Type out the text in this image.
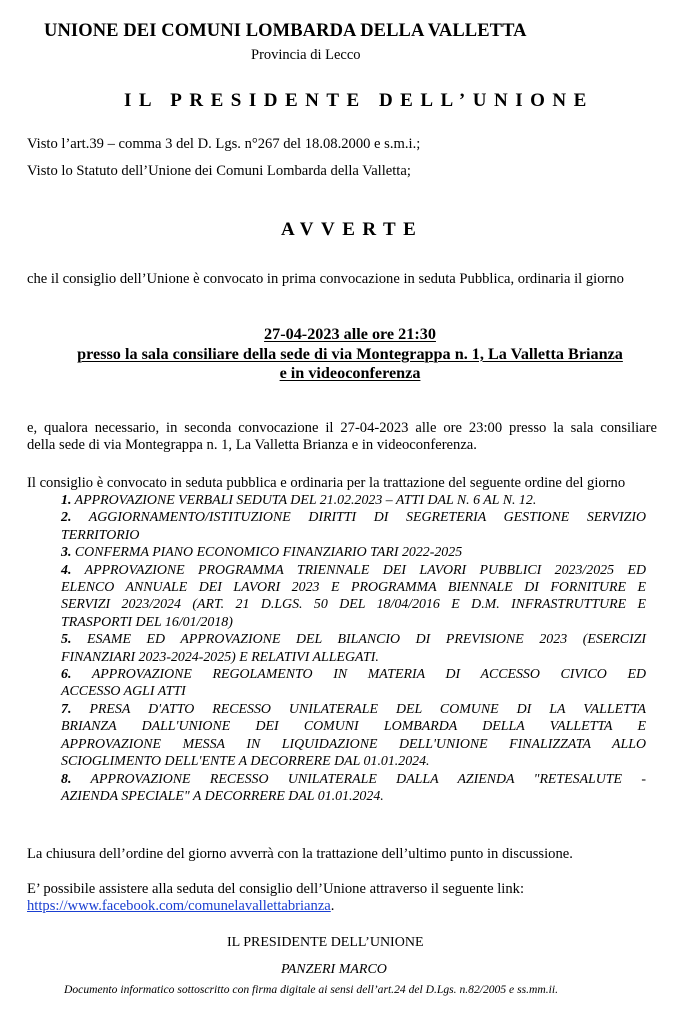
UNIONE DEI COMUNI LOMBARDA DELLA VALLETTA
Provincia di Lecco
IL PRESIDENTE DELL’UNIONE
Visto l’art.39 – comma 3 del D. Lgs. n°267 del 18.08.2000 e s.m.i.;
Visto lo Statuto dell’Unione dei Comuni Lombarda della Valletta;
AVVERTE
che il consiglio dell’Unione è convocato in prima convocazione in seduta Pubblica, ordinaria il giorno
27-04-2023 alle ore 21:30
presso la sala consiliare della sede di via Montegrappa n. 1, La Valletta Brianza
e in videoconferenza
e, qualora necessario, in seconda convocazione il 27-04-2023 alle ore 23:00 presso la sala consiliare
della sede di via Montegrappa n. 1, La Valletta Brianza e in videoconferenza.
Il consiglio è convocato in seduta pubblica e ordinaria per la trattazione del seguente ordine del giorno
1. APPROVAZIONE VERBALI SEDUTA DEL 21.02.2023 – ATTI DAL N. 6 AL N. 12.
2. AGGIORNAMENTO/ISTITUZIONE DIRITTI DI SEGRETERIA GESTIONE SERVIZIO
TERRITORIO
3. CONFERMA PIANO ECONOMICO FINANZIARIO TARI 2022-2025
4. APPROVAZIONE PROGRAMMA TRIENNALE DEI LAVORI PUBBLICI 2023/2025 ED
ELENCO ANNUALE DEI LAVORI 2023 E PROGRAMMA BIENNALE DI FORNITURE E
SERVIZI 2023/2024 (ART. 21 D.LGS. 50 DEL 18/04/2016 E D.M. INFRASTRUTTURE E
TRASPORTI DEL 16/01/2018)
5. ESAME ED APPROVAZIONE DEL BILANCIO DI PREVISIONE 2023 (ESERCIZI
FINANZIARI 2023-2024-2025) E RELATIVI ALLEGATI.
6. APPROVAZIONE REGOLAMENTO IN MATERIA DI ACCESSO CIVICO ED
ACCESSO AGLI ATTI
7. PRESA D'ATTO RECESSO UNILATERALE DEL COMUNE DI LA VALLETTA
BRIANZA DALL'UNIONE DEI COMUNI LOMBARDA DELLA VALLETTA E
APPROVAZIONE MESSA IN LIQUIDAZIONE DELL'UNIONE FINALIZZATA ALLO
SCIOGLIMENTO DELL'ENTE A DECORRERE DAL 01.01.2024.
8. APPROVAZIONE RECESSO UNILATERALE DALLA AZIENDA "RETESALUTE -
AZIENDA SPECIALE" A DECORRERE DAL 01.01.2024.
La chiusura dell’ordine del giorno avverrà con la trattazione dell’ultimo punto in discussione.
E’ possibile assistere alla seduta del consiglio dell’Unione attraverso il seguente link:
https://www.facebook.com/comunelavallettabrianza.
IL PRESIDENTE DELL’UNIONE
PANZERI MARCO
Documento informatico sottoscritto con firma digitale ai sensi dell’art.24 del D.Lgs. n.82/2005 e ss.mm.ii.
